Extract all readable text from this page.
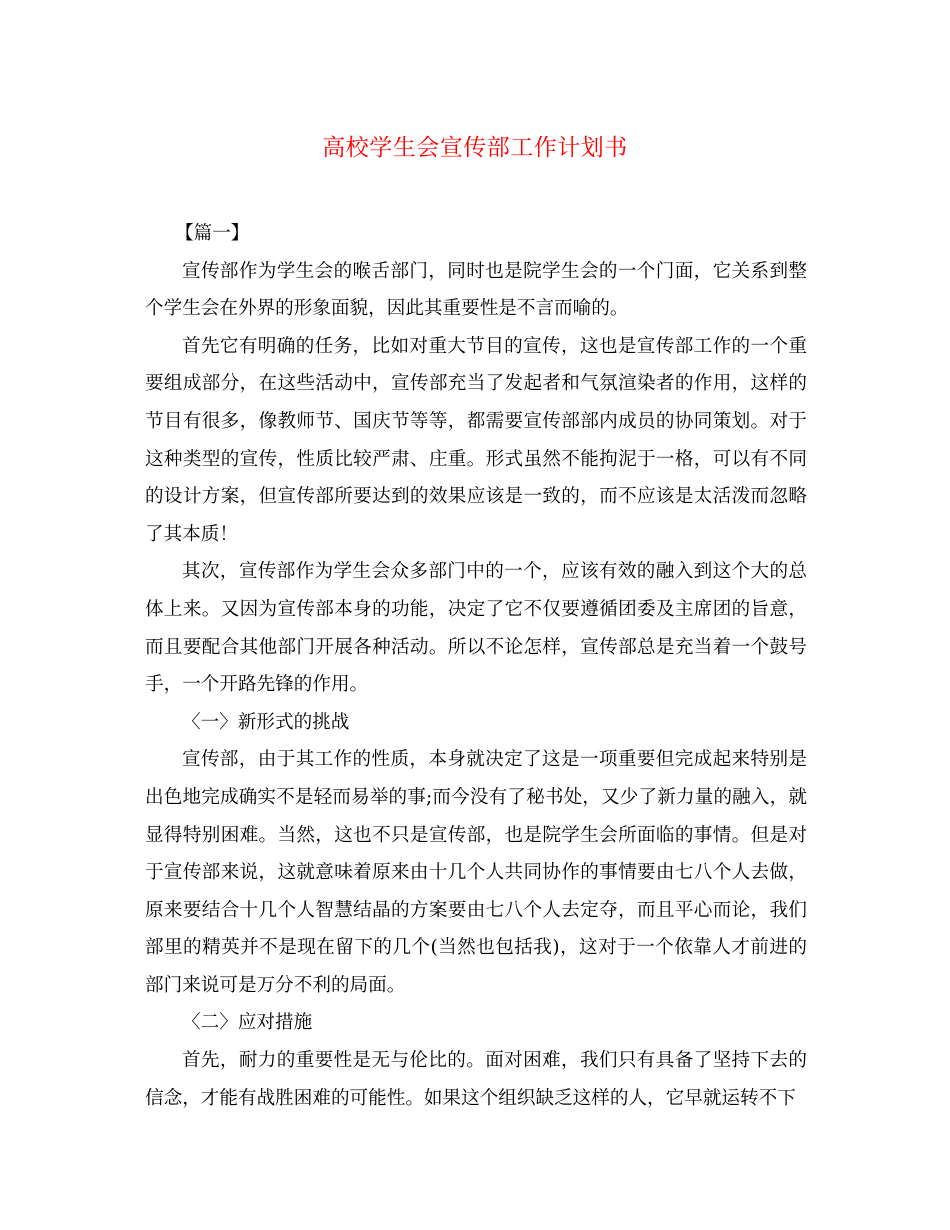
高校学生会宣传部工作计划书

【篇一】

宣传部作为学生会的喉舌部门，同时也是院学生会的一个门面，它关系到整个学生会在外界的形象面貌，因此其重要性是不言而喻的。

首先它有明确的任务，比如对重大节目的宣传，这也是宣传部工作的一个重要组成部分，在这些活动中，宣传部充当了发起者和气氛渲染者的作用，这样的节目有很多，像教师节、国庆节等等，都需要宣传部部内成员的协同策划。对于这种类型的宣传，性质比较严肃、庄重。形式虽然不能拘泥于一格，可以有不同的设计方案，但宣传部所要达到的效果应该是一致的，而不应该是太活泼而忽略了其本质！

其次，宣传部作为学生会众多部门中的一个，应该有效的融入到这个大的总体上来。又因为宣传部本身的功能，决定了它不仅要遵循团委及主席团的旨意，而且要配合其他部门开展各种活动。所以不论怎样，宣传部总是充当着一个鼓号手，一个开路先锋的作用。

〈一〉新形式的挑战

宣传部，由于其工作的性质，本身就决定了这是一项重要但完成起来特别是出色地完成确实不是轻而易举的事;而今没有了秘书处，又少了新力量的融入，就显得特别困难。当然，这也不只是宣传部，也是院学生会所面临的事情。但是对于宣传部来说，这就意味着原来由十几个人共同协作的事情要由七八个人去做，原来要结合十几个人智慧结晶的方案要由七八个人去定夺，而且平心而论，我们部里的精英并不是现在留下的几个(当然也包括我)，这对于一个依靠人才前进的部门来说可是万分不利的局面。

〈二〉应对措施

首先，耐力的重要性是无与伦比的。面对困难，我们只有具备了坚持下去的信念，才能有战胜困难的可能性。如果这个组织缺乏这样的人，它早就运转不下
